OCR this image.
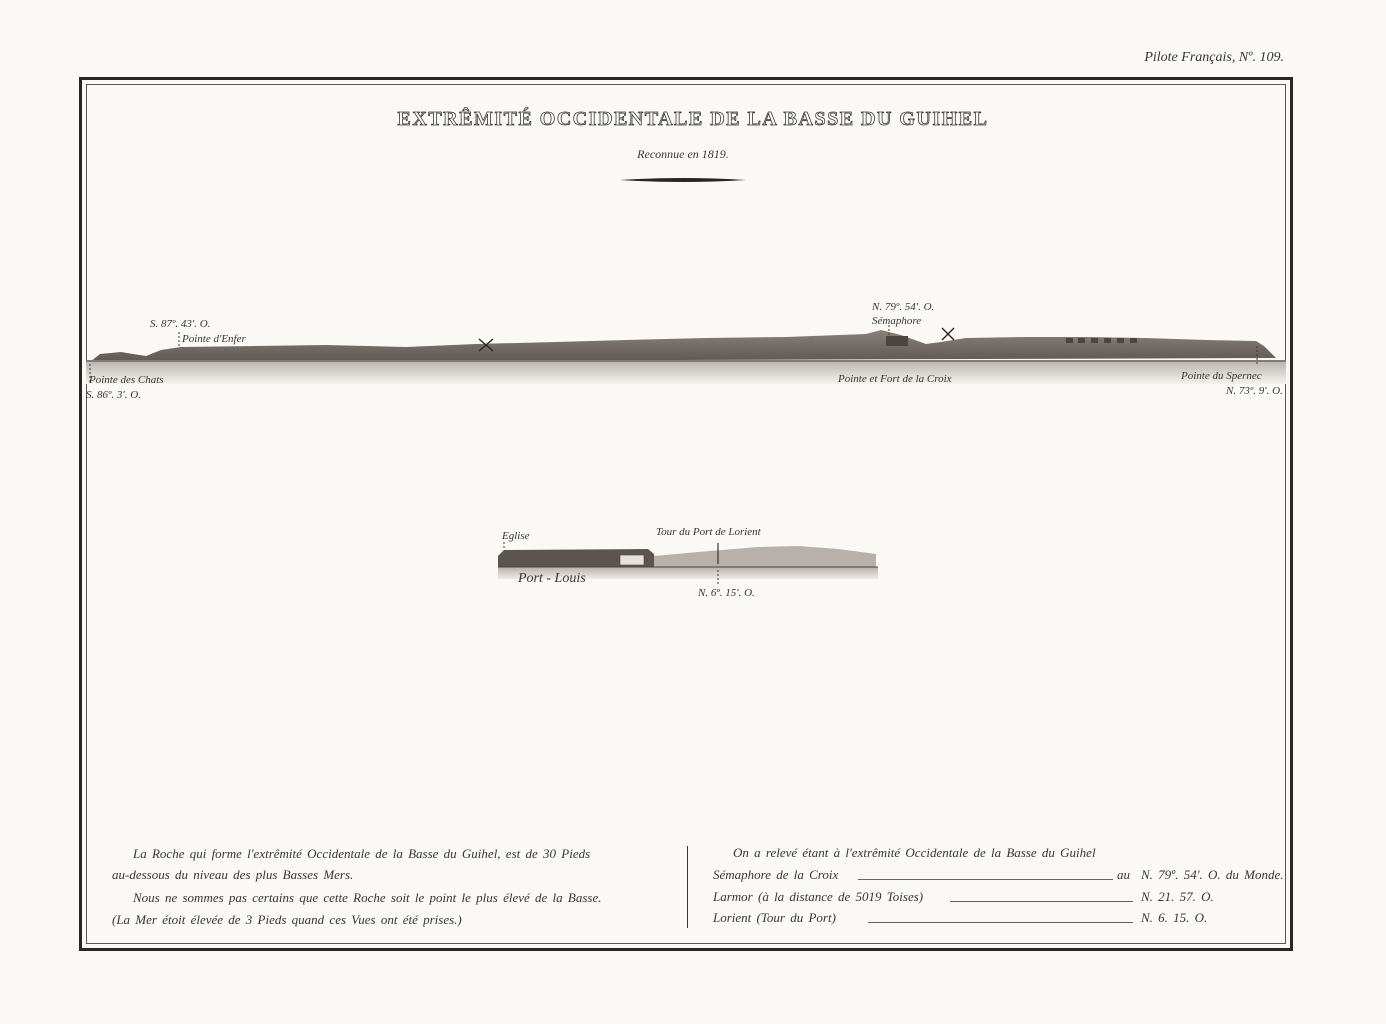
Pilote Français, Nº. 109.
EXTRÊMITÉ OCCIDENTALE DE LA BASSE DU GUIHEL
Reconnue en 1819.
S. 87º. 43'. O.
Pointe d'Enfer
Pointe des Chats
S. 86º. 3'. O.
N. 79º. 54'. O.
Sémaphore
Pointe et Fort de la Croix	Pointe du Spernec
N. 73º. 9'. O.
Eglise	Tour du Port de Lorient
Port - Louis
N. 6º. 15'. O.
La Roche qui forme l'extrêmité Occidentale de la Basse du Guihel, est de 30 Pieds
au-dessous du niveau des plus Basses Mers.
Nous ne sommes pas certains que cette Roche soit le point le plus élevé de la Basse.
(La Mer étoit élevée de 3 Pieds quand ces Vues ont été prises.)
On a relevé étant à l'extrêmité Occidentale de la Basse du Guihel
Sémaphore de la Croix	au N. 79º. 54'. O. du Monde.
Larmor (à la distance de 5019 Toises)	N. 21. 57. O.
Lorient (Tour du Port)	N. 6. 15. O.
